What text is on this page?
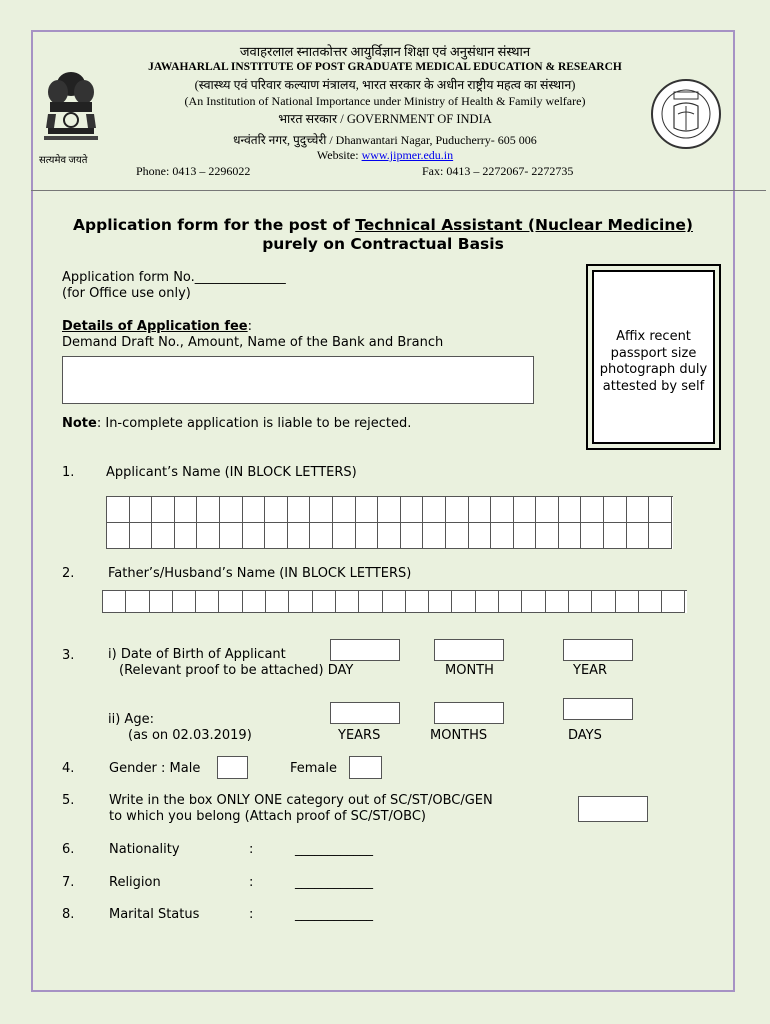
सत्यमेव जयते
जवाहरलाल स्नातकोत्तर आयुर्विज्ञान शिक्षा एवं अनुसंधान संस्थान
JAWAHARLAL INSTITUTE OF POST GRADUATE MEDICAL EDUCATION & RESEARCH
(स्वास्थ्य एवं परिवार कल्याण मंत्रालय, भारत सरकार के अधीन राष्ट्रीय महत्व का संस्थान)
(An Institution of National Importance under Ministry of Health & Family welfare)
भारत सरकार / GOVERNMENT OF INDIA
धन्वंतरि नगर, पुदुच्चेरी / Dhanwantari Nagar, Puducherry- 605 006
Website: www.jipmer.edu.in
Phone: 0413 – 2296022	Fax: 0413 – 2272067- 2272735
Application form for the post of Technical Assistant (Nuclear Medicine) purely on Contractual Basis
Application form No.______________
(for Office use only)
Details of Application fee:
Demand Draft No., Amount, Name of the Bank and Branch
Note: In-complete application is liable to be rejected.
Affix recent passport size photograph duly attested by self
1. Applicant’s Name (IN BLOCK LETTERS)
2.	Father’s/Husband’s Name (IN BLOCK LETTERS)
3.	i) Date of Birth of Applicant
(Relevant proof to be attached) DAY	MONTH	YEAR
ii) Age:
(as on 02.03.2019)	YEARS	MONTHS	DAYS
4.	Gender : Male	Female
5.	Write in the box ONLY ONE category out of SC/ST/OBC/GEN
to which you belong (Attach proof of SC/ST/OBC)
6.	Nationality	:	____________
7.	Religion	:	____________
8.	Marital Status	:	____________
